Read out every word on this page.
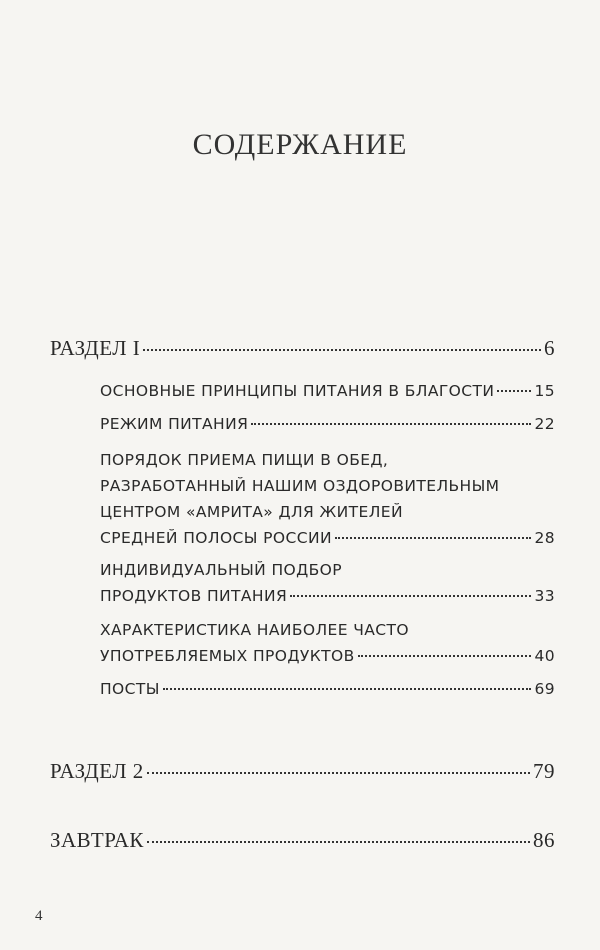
СОДЕРЖАНИЕ
РАЗДЕЛ I	6
ОСНОВНЫЕ ПРИНЦИПЫ ПИТАНИЯ В БЛАГОСТИ	15
РЕЖИМ ПИТАНИЯ	22
ПОРЯДОК ПРИЕМА ПИЩИ В ОБЕД,
РАЗРАБОТАННЫЙ НАШИМ ОЗДОРОВИТЕЛЬНЫМ
ЦЕНТРОМ «АМРИТА» ДЛЯ ЖИТЕЛЕЙ
СРЕДНЕЙ ПОЛОСЫ РОССИИ	28
ИНДИВИДУАЛЬНЫЙ ПОДБОР
ПРОДУКТОВ ПИТАНИЯ	33
ХАРАКТЕРИСТИКА НАИБОЛЕЕ ЧАСТО
УПОТРЕБЛЯЕМЫХ ПРОДУКТОВ	40
ПОСТЫ	69
РАЗДЕЛ 2	79
ЗАВТРАК	86
4
